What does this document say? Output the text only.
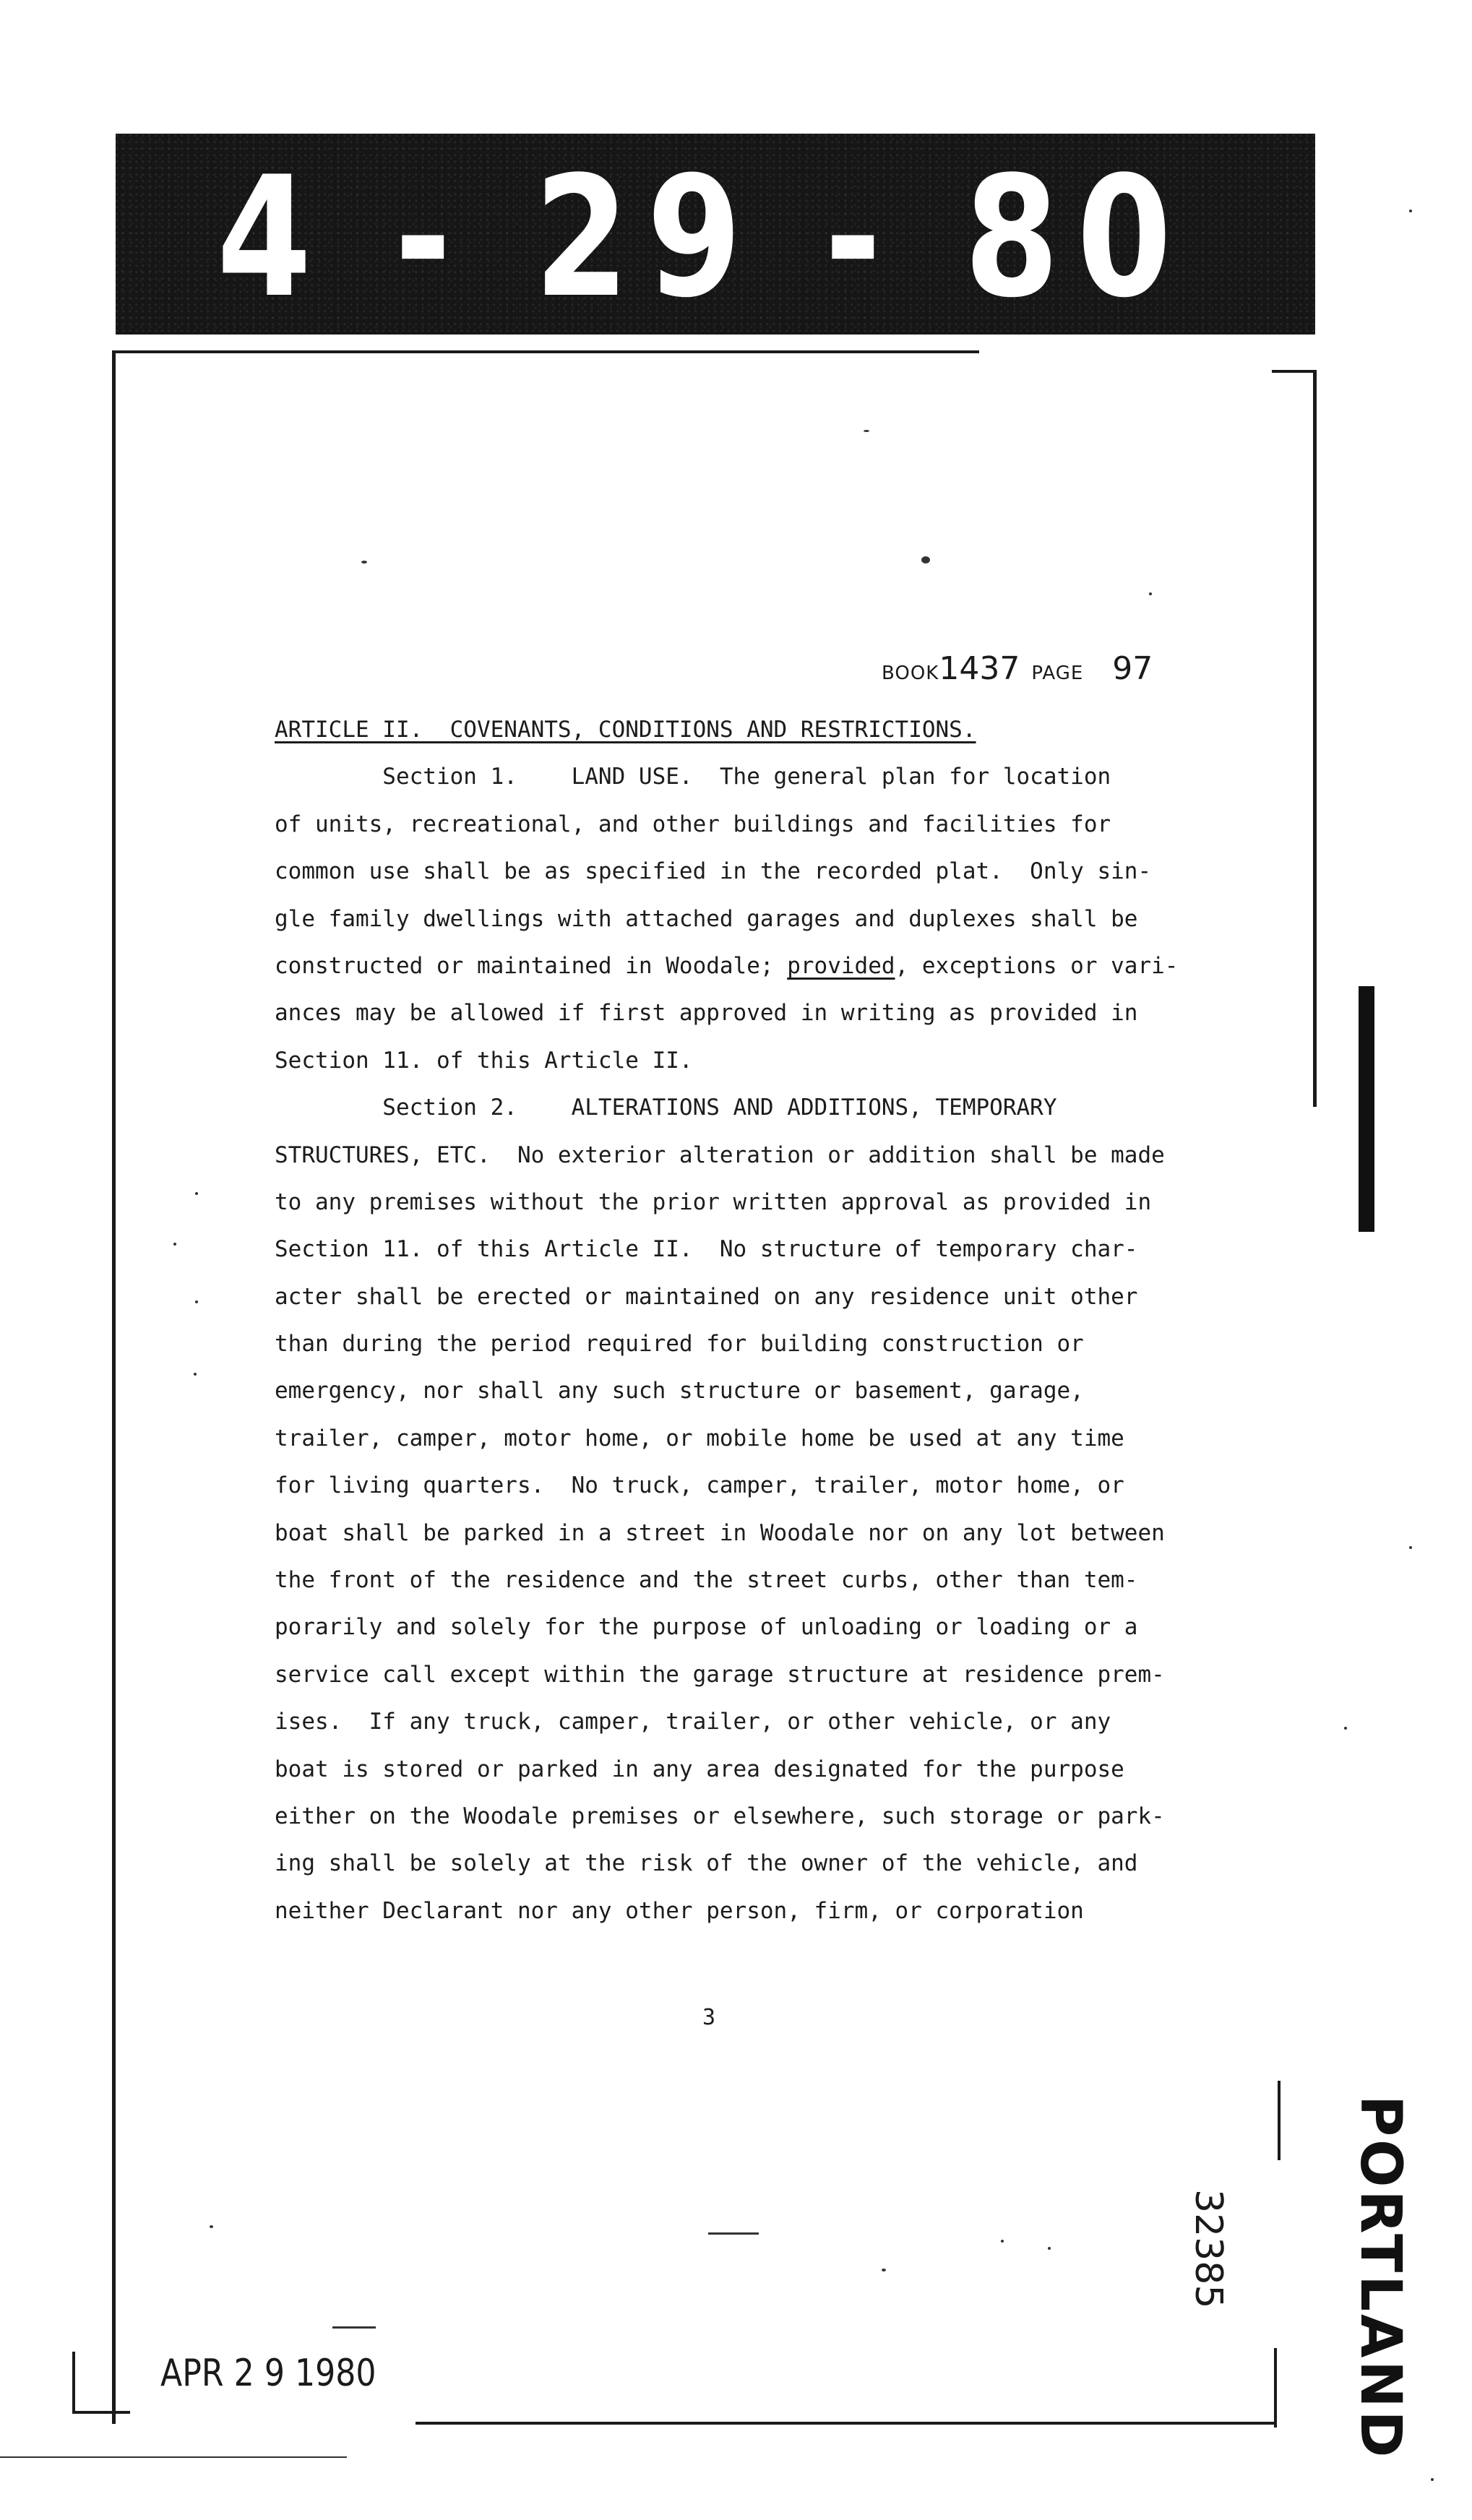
4 - 29 - 80
BOOK1437 PAGE 97
ARTICLE II.  COVENANTS, CONDITIONS AND RESTRICTIONS.
Section 1.    LAND USE.  The general plan for location
of units, recreational, and other buildings and facilities for
common use shall be as specified in the recorded plat.  Only sin-
gle family dwellings with attached garages and duplexes shall be
constructed or maintained in Woodale; provided, exceptions or vari-
ances may be allowed if first approved in writing as provided in
Section 11. of this Article II.
Section 2.    ALTERATIONS AND ADDITIONS, TEMPORARY
STRUCTURES, ETC.  No exterior alteration or addition shall be made
to any premises without the prior written approval as provided in
Section 11. of this Article II.  No structure of temporary char-
acter shall be erected or maintained on any residence unit other
than during the period required for building construction or
emergency, nor shall any such structure or basement, garage,
trailer, camper, motor home, or mobile home be used at any time
for living quarters.  No truck, camper, trailer, motor home, or
boat shall be parked in a street in Woodale nor on any lot between
the front of the residence and the street curbs, other than tem-
porarily and solely for the purpose of unloading or loading or a
service call except within the garage structure at residence prem-
ises.  If any truck, camper, trailer, or other vehicle, or any
boat is stored or parked in any area designated for the purpose
either on the Woodale premises or elsewhere, such storage or park-
ing shall be solely at the risk of the owner of the vehicle, and
neither Declarant nor any other person, firm, or corporation
3
PORTLAND
32385
APR 2 9 1980
